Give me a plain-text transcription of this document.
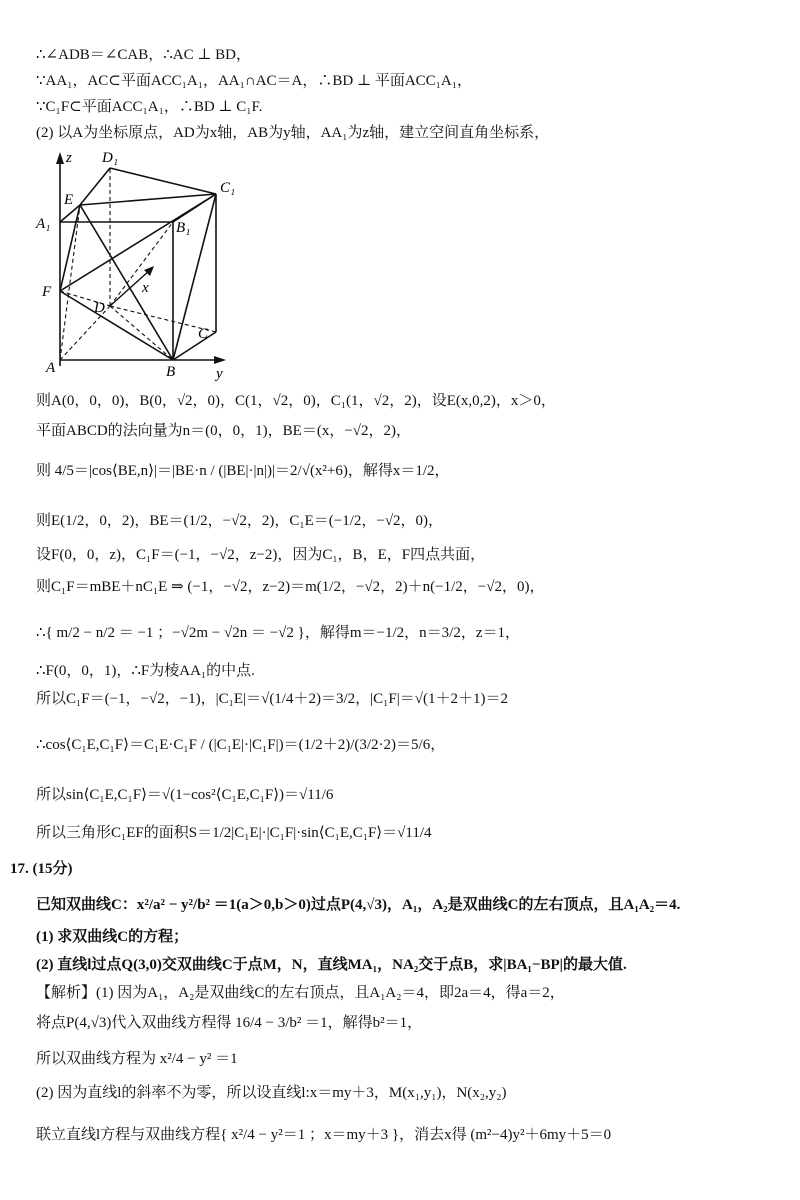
∴∠ADB＝∠CAB，∴AC ⊥ BD，
∵AA₁，AC⊂平面ACC₁A₁，AA₁∩AC＝A，∴BD ⊥ 平面ACC₁A₁，
∵C₁F⊂平面ACC₁A₁，∴BD ⊥ C₁F.
(2) 以A为坐标原点，AD为x轴，AB为y轴，AA₁为z轴，建立空间直角坐标系，
z D₁
C₁
E
A₁	B₁
F	x
D
C
A	B	y
则A(0，0，0)，B(0，√2，0)，C(1，√2，0)，C₁(1，√2，2)，设E(x,0,2)，x＞0，
平面ABCD的法向量为n＝(0，0，1)，BE＝(x，−√2，2)，
则 4/5＝|cos⟨BE,n⟩|＝|BE·n / (|BE|·|n|)|＝2/√(x²+6)，解得x＝1/2，
则E(1/2，0，2)，BE＝(1/2，−√2，2)，C₁E＝(−1/2，−√2，0)，
设F(0，0，z)，C₁F＝(−1，−√2，z−2)，因为C₁，B，E，F四点共面，
则C₁F＝mBE＋nC₁E ⇒ (−1，−√2，z−2)＝m(1/2，−√2，2)＋n(−1/2，−√2，0)，
∴{ m/2 − n/2 ＝ −1 ；−√2m − √2n ＝ −√2 }，解得m＝−1/2，n＝3/2，z＝1，
∴F(0，0，1)，∴F为棱AA₁的中点.
所以C₁F＝(−1，−√2，−1)，|C₁E|＝√(1/4＋2)＝3/2，|C₁F|＝√(1＋2＋1)＝2
∴cos⟨C₁E,C₁F⟩＝C₁E·C₁F / (|C₁E|·|C₁F|)＝(1/2＋2)/(3/2·2)＝5/6，
所以sin⟨C₁E,C₁F⟩＝√(1−cos²⟨C₁E,C₁F⟩)＝√11/6
所以三角形C₁EF的面积S＝1/2|C₁E|·|C₁F|·sin⟨C₁E,C₁F⟩＝√11/4
17. (15分)
已知双曲线C：x²/a² − y²/b² ＝1(a＞0,b＞0)过点P(4,√3)，A₁，A₂是双曲线C的左右顶点，且A₁A₂＝4.
(1) 求双曲线C的方程；
(2) 直线l过点Q(3,0)交双曲线C于点M，N，直线MA₁，NA₂交于点B，求|BA₁−BP|的最大值.
【解析】(1) 因为A₁，A₂是双曲线C的左右顶点，且A₁A₂＝4，即2a＝4，得a＝2，
将点P(4,√3)代入双曲线方程得 16/4 − 3/b² ＝1，解得b²＝1，
所以双曲线方程为 x²/4 − y² ＝1
(2) 因为直线l的斜率不为零，所以设直线l:x＝my＋3，M(x₁,y₁)，N(x₂,y₂)
联立直线l方程与双曲线方程{ x²/4 − y²＝1 ；x＝my＋3 }，消去x得 (m²−4)y²＋6my＋5＝0
